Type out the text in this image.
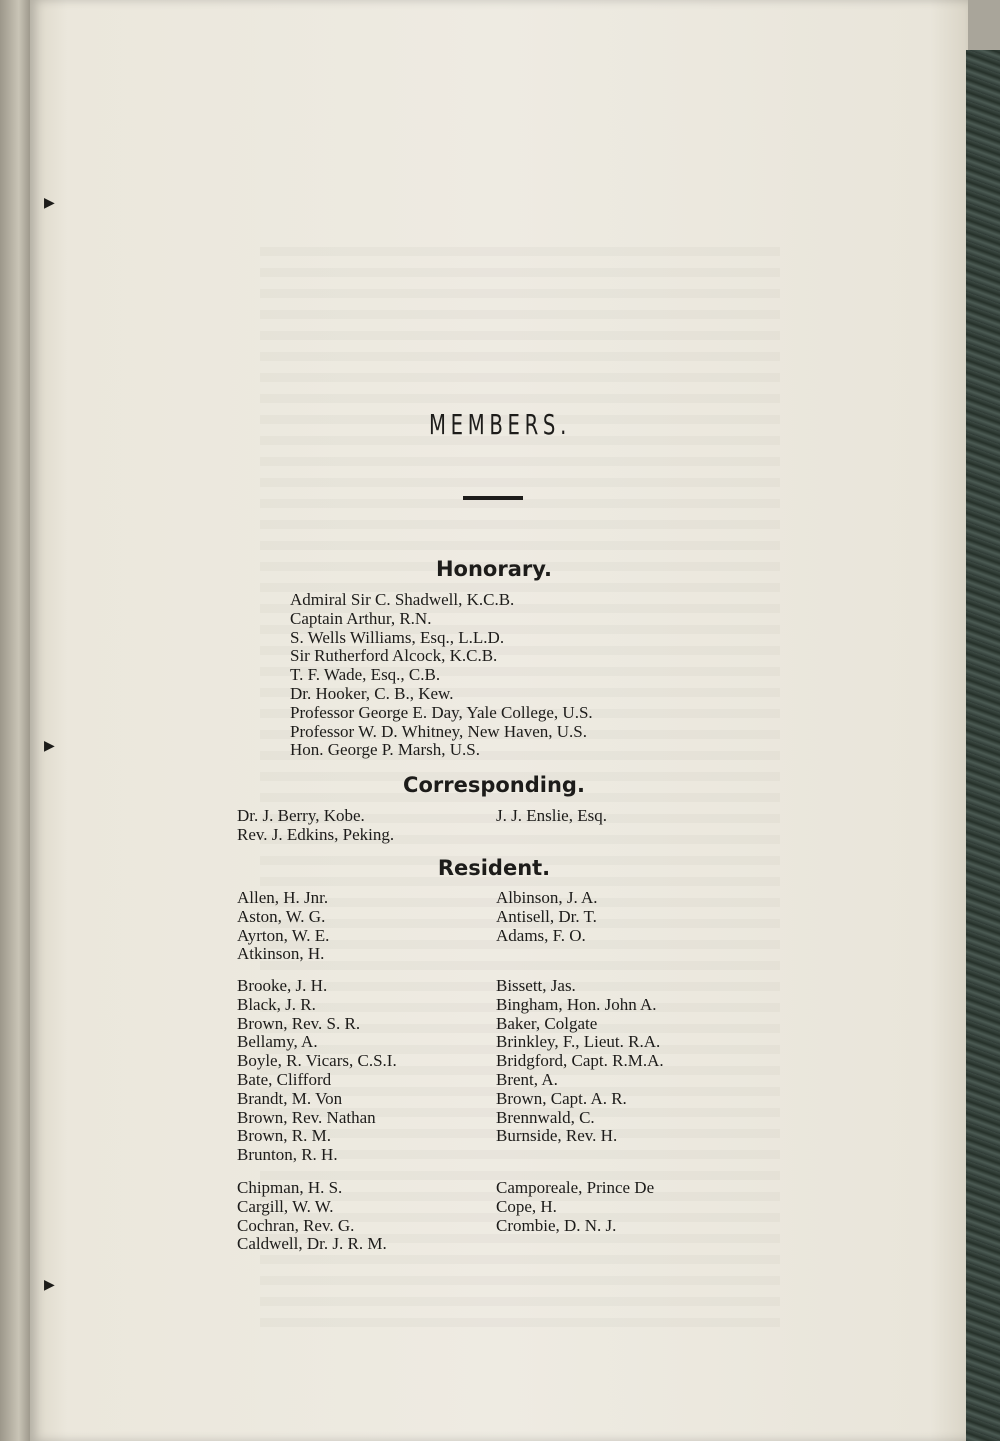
▶
▶
▶
MEMBERS.
Honorary.
Admiral Sir C. Shadwell, K.C.B.
Captain Arthur, R.N.
S. Wells Williams, Esq., L.L.D.
Sir Rutherford Alcock, K.C.B.
T. F. Wade, Esq., C.B.
Dr. Hooker, C. B., Kew.
Professor George E. Day, Yale College, U.S.
Professor W. D. Whitney, New Haven, U.S.
Hon. George P. Marsh, U.S.
Corresponding.
Dr. J. Berry, Kobe.
Rev. J. Edkins, Peking.
J. J. Enslie, Esq.
Resident.
Allen, H. Jnr.
Aston, W. G.
Ayrton, W. E.
Atkinson, H.
Albinson, J. A.
Antisell, Dr. T.
Adams, F. O.
Brooke, J. H.
Black, J. R.
Brown, Rev. S. R.
Bellamy, A.
Boyle, R. Vicars, C.S.I.
Bate, Clifford
Brandt, M. Von
Brown, Rev. Nathan
Brown, R. M.
Brunton, R. H.
Bissett, Jas.
Bingham, Hon. John A.
Baker, Colgate
Brinkley, F., Lieut. R.A.
Bridgford, Capt. R.M.A.
Brent, A.
Brown, Capt. A. R.
Brennwald, C.
Burnside, Rev. H.
Chipman, H. S.
Cargill, W. W.
Cochran, Rev. G.
Caldwell, Dr. J. R. M.
Camporeale, Prince De
Cope, H.
Crombie, D. N. J.
